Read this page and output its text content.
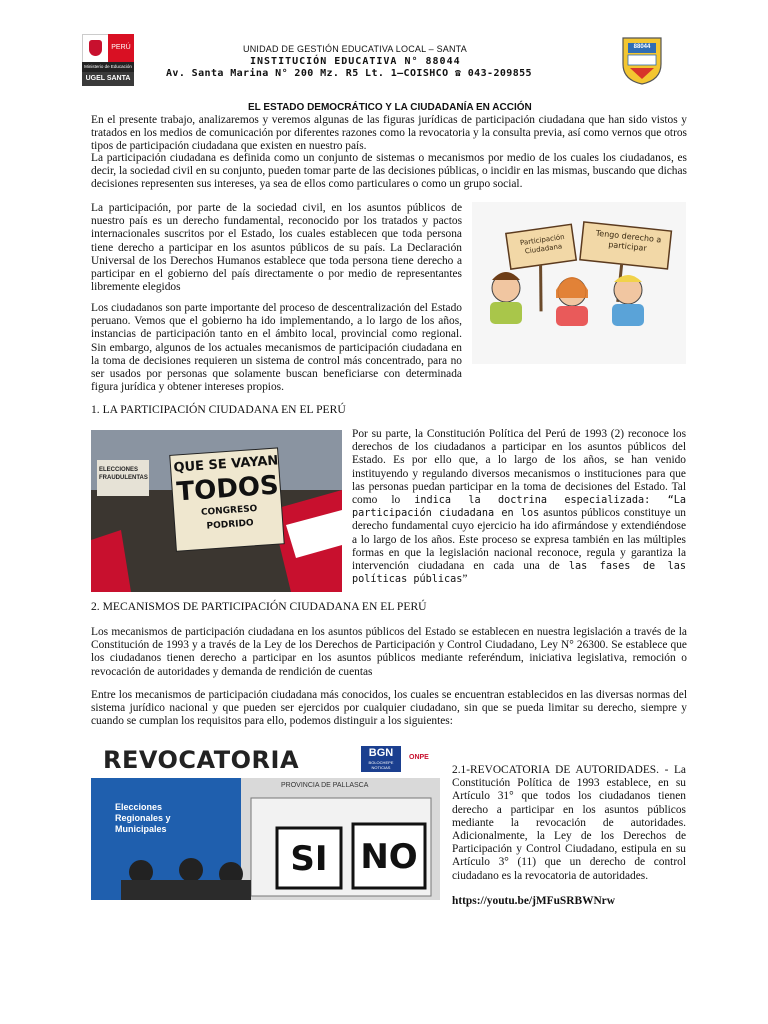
PERÚ
Ministerio de Educación
UGEL SANTA
UNIDAD DE GESTIÓN EDUCATIVA LOCAL – SANTA
INSTITUCIÓN EDUCATIVA N° 88044
Av. Santa Marina N° 200 Mz. R5 Lt. 1–COISHCO ☎ 043-209855
88044
EL ESTADO DEMOCRÁTICO Y LA CIUDADANÍA EN ACCIÓN

En el presente trabajo, analizaremos y veremos algunas de las figuras jurídicas de participación ciudadana que han sido vistos y tratados en los medios de comunicación por diferentes razones como la revocatoria y la consulta previa, así como vernos que otros tipos de participación ciudadana que existen en nuestro país.

La participación ciudadana es definida como un conjunto de sistemas o mecanismos por medio de los cuales los ciudadanos, es decir, la sociedad civil en su conjunto, pueden tomar parte de las decisiones públicas, o incidir en las mismas, buscando que dichas decisiones representen sus intereses, ya sea de ellos como particulares o como un grupo social.

La participación, por parte de la sociedad civil, en los asuntos públicos de nuestro país es un derecho fundamental, reconocido por los tratados y pactos internacionales suscritos por el Estado, los cuales establecen que toda persona tiene derecho a participar en los asuntos públicos de su país. La Declaración Universal de los Derechos Humanos establece que toda persona tiene derecho a participar en el gobierno del país directamente o por medio de representantes libremente elegidos

Los ciudadanos son parte importante del proceso de descentralización del Estado peruano. Vemos que el gobierno ha ido implementando, a lo largo de los años, instancias de participación tanto en el ámbito local, provincial como regional. Sin embargo, algunos de los actuales mecanismos de participación ciudadana en la toma de decisiones requieren un sistema de control más concentrado, para no ser usados por personas que solamente buscan beneficiarse con determinada figura jurídica y obtener intereses propios.

Participación Ciudadana
Tengo derecho a participar
1. LA PARTICIPACIÓN CIUDADANA EN EL PERÚ
ELECCIONES FRAUDULENTAS
QUE SE VAYAN
TODOS
CONGRESO PODRIDO

Por su parte, la Constitución Política del Perú de 1993 (2) reconoce los derechos de los ciudadanos a participar en los asuntos públicos del Estado. Es por ello que, a lo largo de los años, se han venido instituyendo y regulando diversos mecanismos o instituciones para que las personas puedan participar en la toma de decisiones del Estado. Tal como lo indica la doctrina especializada: “La participación ciudadana en los asuntos públicos constituye un derecho fundamental cuyo ejercicio ha ido afirmándose y extendiéndose a lo largo de los años. Este proceso se expresa también en las múltiples formas en que la legislación nacional reconoce, regula y garantiza la intervención ciudadana en cada una de las fases de las políticas públicas”

2. MECANISMOS DE PARTICIPACIÓN CIUDADANA EN EL PERÚ

Los mecanismos de participación ciudadana en los asuntos públicos del Estado se establecen en nuestra legislación a través de la Constitución de 1993 y a través de la Ley de los Derechos de Participación y Control Ciudadano, Ley N° 26300. Se establece que los ciudadanos tienen derecho a participar en los asuntos públicos mediante referéndum, iniciativa legislativa, remoción o revocación de autoridades y demanda de rendición de cuentas

Entre los mecanismos de participación ciudadana más conocidos, los cuales se encuentran establecidos en las diversas normas del sistema jurídico nacional y que pueden ser ejercidos por cualquier ciudadano, sin que se pueda limitar su derecho, siempre y cuando se cumplan los requisitos para ello, podemos distinguir a los siguientes:

REVOCATORIA	BGN
BOLOCHEPE NOTICIAS
ONPE
Elecciones Regionales y Municipales
PROVINCIA DE PALLASCA
SI NO

2.1-REVOCATORIA DE AUTORIDADES. - La Constitución Política de 1993 establece, en su Artículo 31° que todos los ciudadanos tienen derecho a participar en los asuntos públicos mediante la revocación de autoridades. Adicionalmente, la Ley de los Derechos de Participación y Control Ciudadano, estipula en su Artículo 3° (11) que un derecho de control ciudadano es la revocatoria de autoridades.

https://youtu.be/jMFuSRBWNrw
